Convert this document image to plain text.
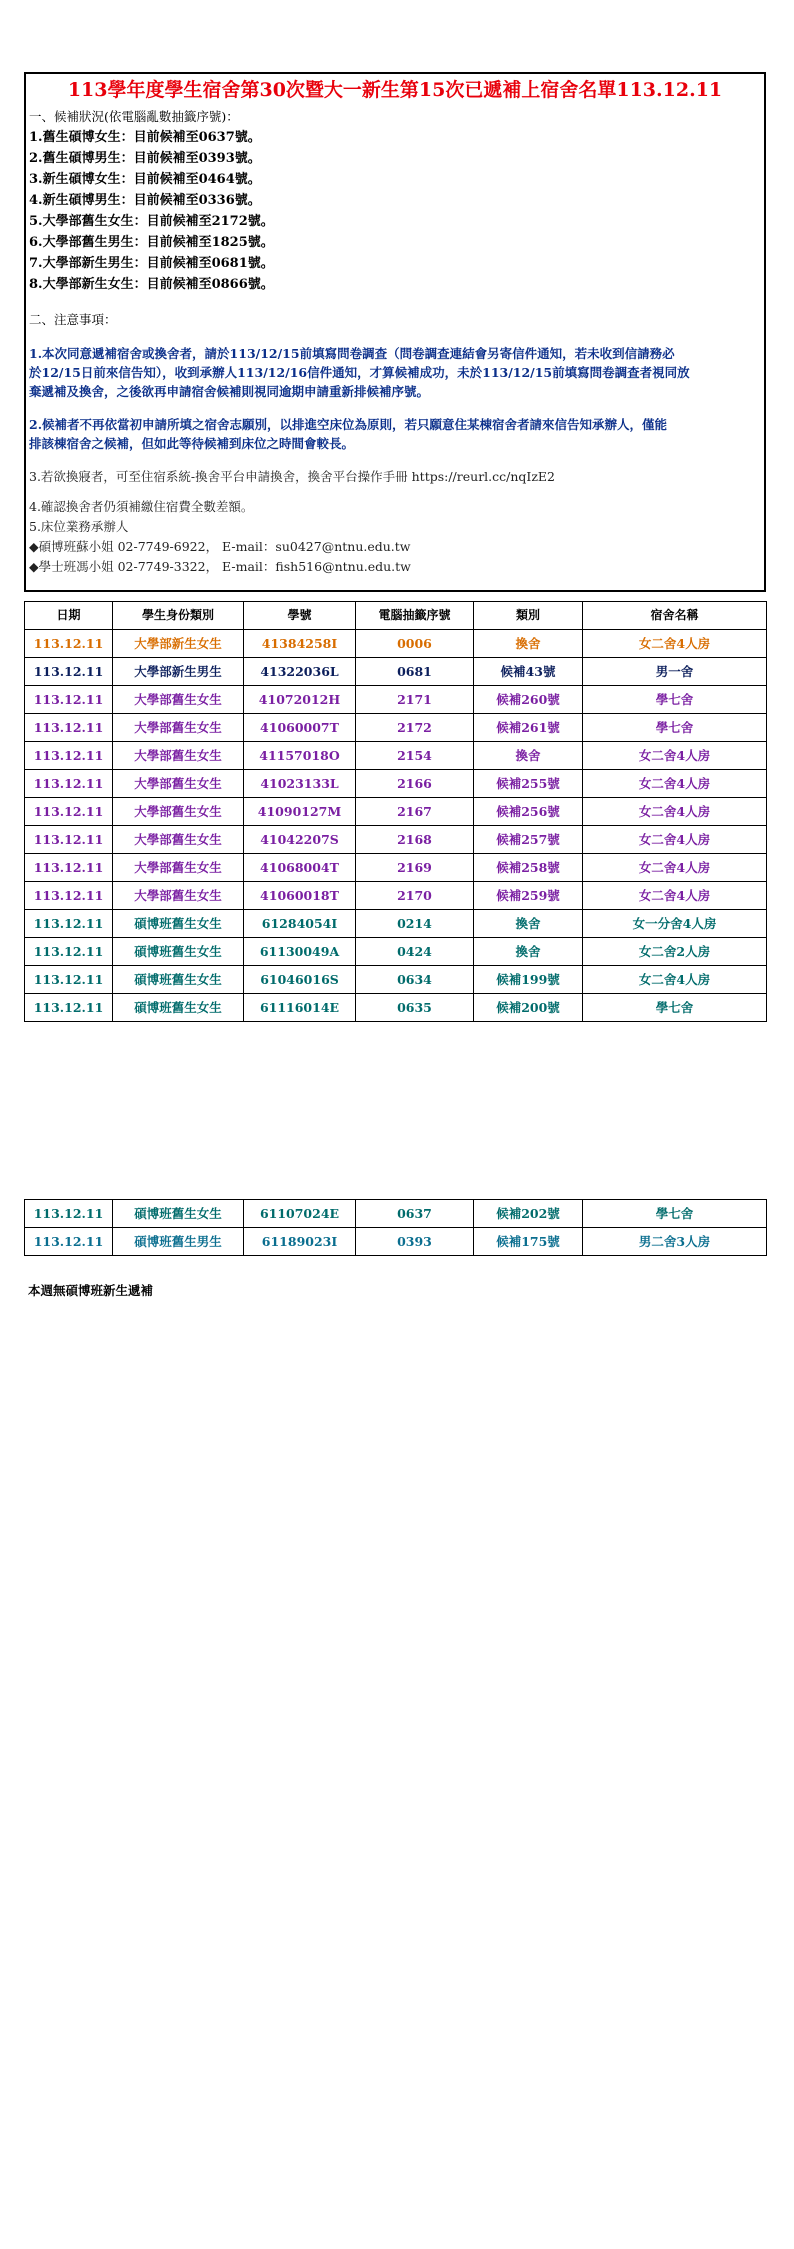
113學年度學生宿舍第30次暨大一新生第15次已遞補上宿舍名單113.12.11
一、候補狀況(依電腦亂數抽籤序號)：
1.舊生碩博女生：目前候補至0637號。
2.舊生碩博男生：目前候補至0393號。
3.新生碩博女生：目前候補至0464號。
4.新生碩博男生：目前候補至0336號。
5.大學部舊生女生：目前候補至2172號。
6.大學部舊生男生：目前候補至1825號。
7.大學部新生男生：目前候補至0681號。
8.大學部新生女生：目前候補至0866號。
二、注意事項：
1.本次同意遞補宿舍或換舍者，請於113/12/15前填寫問卷調查（問卷調查連結會另寄信件通知，若未收到信請務必
於12/15日前來信告知），收到承辦人113/12/16信件通知，才算候補成功，未於113/12/15前填寫問卷調查者視同放
棄遞補及換舍，之後欲再申請宿舍候補則視同逾期申請重新排候補序號。
2.候補者不再依當初申請所填之宿舍志願別，以排進空床位為原則，若只願意住某棟宿舍者請來信告知承辦人，僅能
排該棟宿舍之候補，但如此等待候補到床位之時間會較長。
3.若欲換寢者，可至住宿系統-換舍平台申請換舍，換舍平台操作手冊 https://reurl.cc/nqIzE2
4.確認換舍者仍須補繳住宿費全數差額。
5.床位業務承辦人
◆碩博班蘇小姐 02-7749-6922， E-mail：su0427@ntnu.edu.tw
◆學士班馮小姐 02-7749-3322， E-mail：fish516@ntnu.edu.tw
日期	學生身份類別	學號	電腦抽籤序號	類別	宿舍名稱
113.12.11	大學部新生女生	41384258I	0006	換舍	女二舍4人房
113.12.11	大學部新生男生	41322036L	0681	候補43號	男一舍
113.12.11	大學部舊生女生	41072012H	2171	候補260號	學七舍
113.12.11	大學部舊生女生	41060007T	2172	候補261號	學七舍
113.12.11	大學部舊生女生	41157018O	2154	換舍	女二舍4人房
113.12.11	大學部舊生女生	41023133L	2166	候補255號	女二舍4人房
113.12.11	大學部舊生女生	41090127M	2167	候補256號	女二舍4人房
113.12.11	大學部舊生女生	41042207S	2168	候補257號	女二舍4人房
113.12.11	大學部舊生女生	41068004T	2169	候補258號	女二舍4人房
113.12.11	大學部舊生女生	41060018T	2170	候補259號	女二舍4人房
113.12.11	碩博班舊生女生	61284054I	0214	換舍	女一分舍4人房
113.12.11	碩博班舊生女生	61130049A	0424	換舍	女二舍2人房
113.12.11	碩博班舊生女生	61046016S	0634	候補199號	女二舍4人房
113.12.11	碩博班舊生女生	61116014E	0635	候補200號	學七舍
113.12.11	碩博班舊生女生	61107024E	0637	候補202號	學七舍
113.12.11	碩博班舊生男生	61189023I	0393	候補175號	男二舍3人房
本週無碩博班新生遞補
